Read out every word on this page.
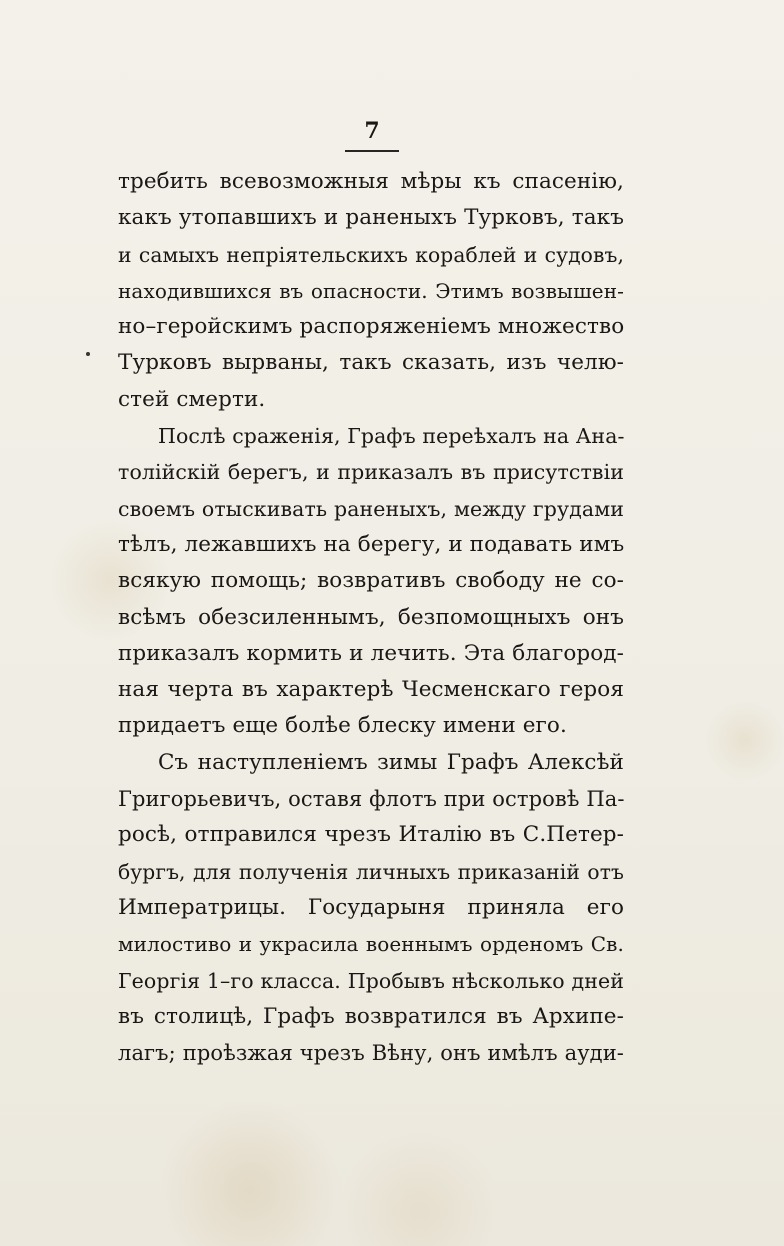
7
требить всевозможныя мѣры къ спасенію,
какъ утопавшихъ и раненыхъ Турковъ, такъ
и самыхъ непріятельскихъ кораблей и судовъ,
находившихся въ опасности. Этимъ возвышен-
но–геройскимъ распоряженіемъ множество
Турковъ вырваны, такъ сказать, изъ челю-
стей смерти.
Послѣ сраженія, Графъ переѣхалъ на Ана-
толійскій берегъ, и приказалъ въ присутствіи
своемъ отыскивать раненыхъ, между грудами
тѣлъ, лежавшихъ на берегу, и подавать имъ
всякую помощь; возвративъ свободу не со-
всѣмъ обезсиленнымъ, безпомощныхъ онъ
приказалъ кормить и лечить. Эта благород-
ная черта въ характерѣ Чесменскаго героя
придаетъ еще болѣе блеску имени его.
Съ наступленіемъ зимы Графъ Алексѣй
Григорьевичъ, оставя флотъ при островѣ Па-
росѣ, отправился чрезъ Италію въ С.Петер-
бургъ, для полученія личныхъ приказаній отъ
Императрицы. Государыня приняла его
милостиво и украсила военнымъ орденомъ Св.
Георгія 1–го класса. Пробывъ нѣсколько дней
въ столицѣ, Графъ возвратился въ Архипе-
лагъ; проѣзжая чрезъ Вѣну, онъ имѣлъ ауди-
